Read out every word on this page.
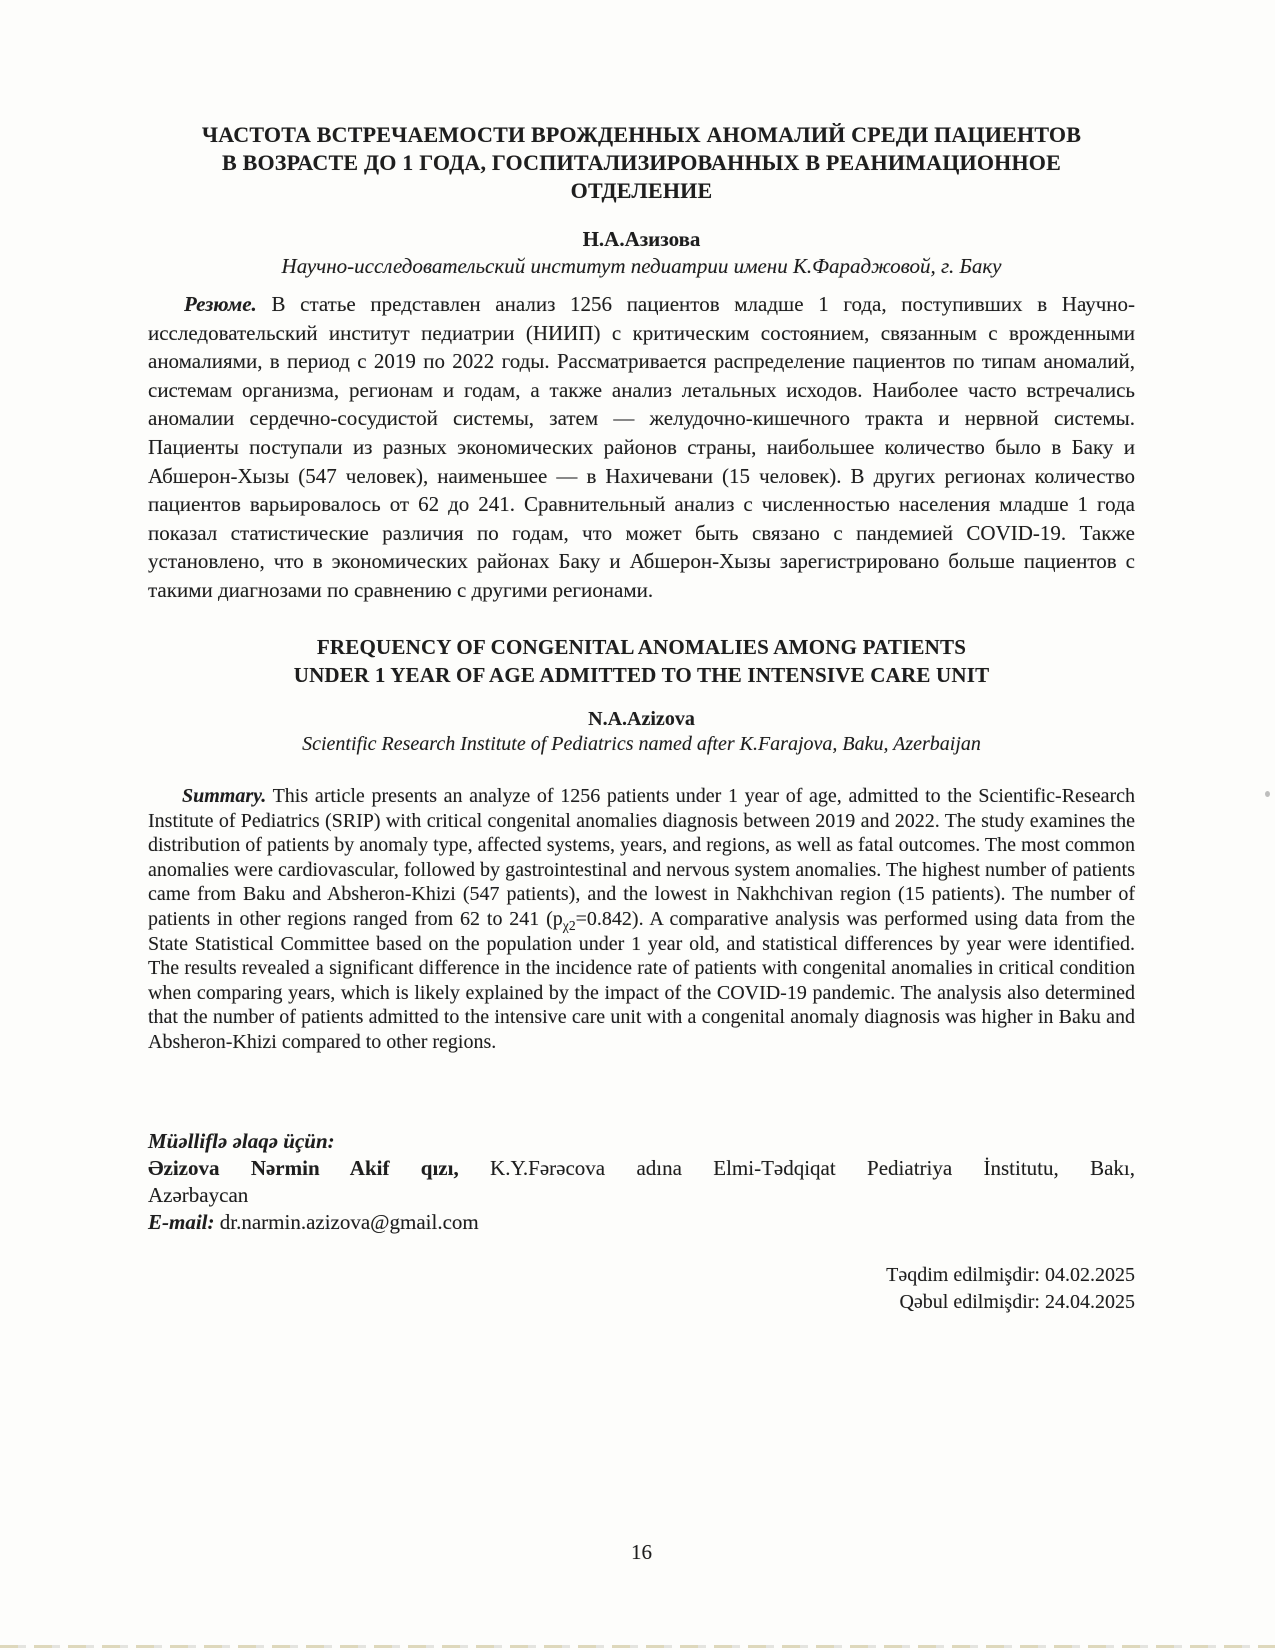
ЧАСТОТА ВСТРЕЧАЕМОСТИ ВРОЖДЕННЫХ АНОМАЛИЙ СРЕДИ ПАЦИЕНТОВ
В ВОЗРАСТЕ ДО 1 ГОДА, ГОСПИТАЛИЗИРОВАННЫХ В РЕАНИМАЦИОННОЕ
ОТДЕЛЕНИЕ
Н.А.Азизова
Научно-исследовательский институт педиатрии имени К.Фараджовой, г. Баку

Резюме. В статье представлен анализ 1256 пациентов младше 1 года, поступивших в Научно-исследовательский институт педиатрии (НИИП) с критическим состоянием, связанным с врожденными аномалиями, в период с 2019 по 2022 годы. Рассматривается распределение пациентов по типам аномалий, системам организма, регионам и годам, а также анализ летальных исходов. Наиболее часто встречались аномалии сердечно-сосудистой системы, затем — желудочно-кишечного тракта и нервной системы. Пациенты поступали из разных экономических районов страны, наибольшее количество было в Баку и Абшерон-Хызы (547 человек), наименьшее — в Нахичевани (15 человек). В других регионах количество пациентов варьировалось от 62 до 241. Сравнительный анализ с численностью населения младше 1 года показал статистические различия по годам, что может быть связано с пандемией COVID-19. Также установлено, что в экономических районах Баку и Абшерон-Хызы зарегистрировано больше пациентов с такими диагнозами по сравнению с другими регионами.

FREQUENCY OF CONGENITAL ANOMALIES AMONG PATIENTS
UNDER 1 YEAR OF AGE ADMITTED TO THE INTENSIVE CARE UNIT
N.A.Azizova
Scientific Research Institute of Pediatrics named after K.Farajova, Baku, Azerbaijan

Summary. This article presents an analyze of 1256 patients under 1 year of age, admitted to the Scientific-Research Institute of Pediatrics (SRIP) with critical congenital anomalies diagnosis between 2019 and 2022. The study examines the distribution of patients by anomaly type, affected systems, years, and regions, as well as fatal outcomes. The most common anomalies were cardiovascular, followed by gastrointestinal and nervous system anomalies. The highest number of patients came from Baku and Absheron-Khizi (547 patients), and the lowest in Nakhchivan region (15 patients). The number of patients in other regions ranged from 62 to 241 $(p_{\chi 2}=0.842)$. A comparative analysis was performed using data from the State Statistical Committee based on the population under 1 year old, and statistical differences by year were identified. The results revealed a significant difference in the incidence rate of patients with congenital anomalies in critical condition when comparing years, which is likely explained by the impact of the COVID-19 pandemic. The analysis also determined that the number of patients admitted to the intensive care unit with a congenital anomaly diagnosis was higher in Baku and Absheron-Khizi compared to other regions.

Müəlliflə əlaqə üçün:
Əzizova Nərmin Akif qızı, K.Y.Fərəcova adına Elmi-Tədqiqat Pediatriya İnstitutu, Bakı,
Azərbaycan
E-mail: dr.narmin.azizova@gmail.com
Təqdim edilmişdir: 04.02.2025
Qəbul edilmişdir: 24.04.2025
16
